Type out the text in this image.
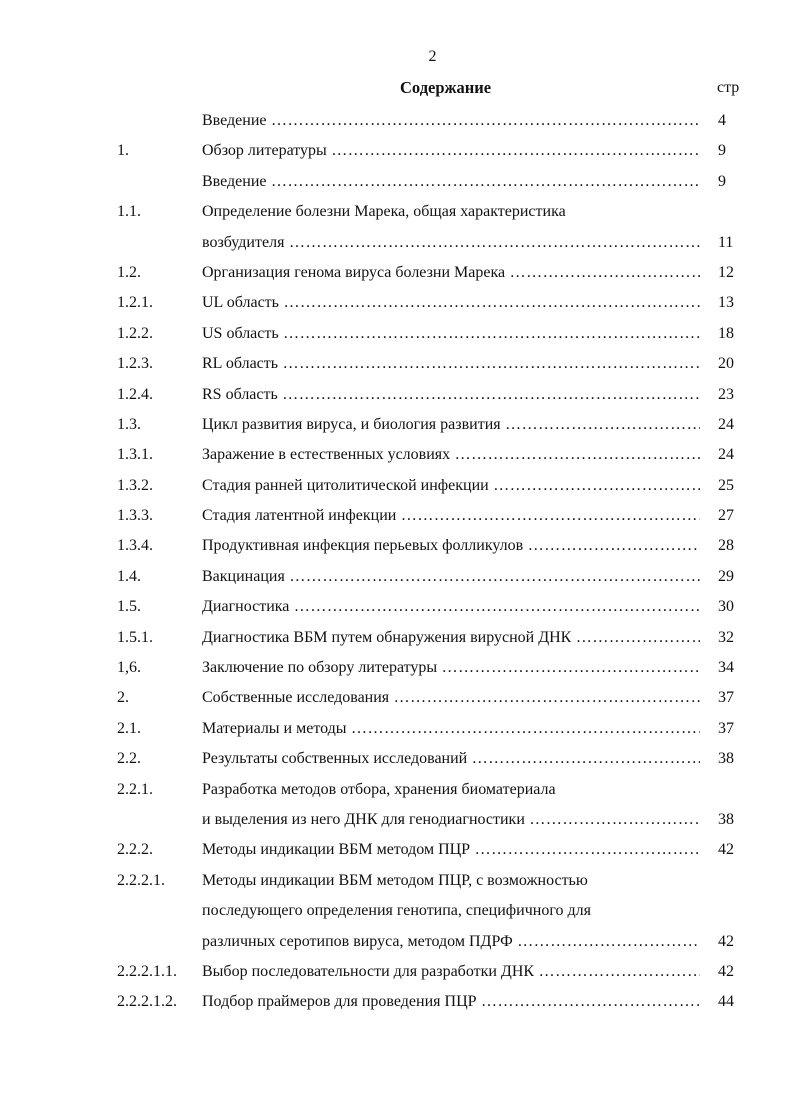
2
Содержание	стр
Введение ………………………………………………………………………………………………………………………………	4
1.	Обзор литературы ………………………………………………………………………………………………………………………………	9
Введение ………………………………………………………………………………………………………………………………	9
1.1.	Определение болезни Марека, общая характеристика
возбудителя ………………………………………………………………………………………………………………………………	11
1.2.	Организация генома вируса болезни Марека ………………………………………………………………………………………………………………………………	12
1.2.1.	UL область ………………………………………………………………………………………………………………………………	13
1.2.2.	US область ………………………………………………………………………………………………………………………………	18
1.2.3.	RL область ………………………………………………………………………………………………………………………………	20
1.2.4.	RS область ………………………………………………………………………………………………………………………………	23
1.3.	Цикл развития вируса, и биология развития ………………………………………………………………………………………………………………………………	24
1.3.1.	Заражение в естественных условиях ………………………………………………………………………………………………………………………………	24
1.3.2.	Стадия ранней цитолитической инфекции ………………………………………………………………………………………………………………………………	25
1.3.3.	Стадия латентной инфекции ………………………………………………………………………………………………………………………………	27
1.3.4.	Продуктивная инфекция перьевых фолликулов ………………………………………………………………………………………………………………………………	28
1.4.	Вакцинация ………………………………………………………………………………………………………………………………	29
1.5.	Диагностика ………………………………………………………………………………………………………………………………	30
1.5.1.	Диагностика ВБМ путем обнаружения вирусной ДНК ………………………………………………………………………………………………………………………………	32
1,6.	Заключение по обзору литературы ………………………………………………………………………………………………………………………………	34
2.	Собственные исследования ………………………………………………………………………………………………………………………………	37
2.1.	Материалы и методы ………………………………………………………………………………………………………………………………	37
2.2.	Результаты собственных исследований ………………………………………………………………………………………………………………………………	38
2.2.1.	Разработка методов отбора, хранения биоматериала
и выделения из него ДНК для генодиагностики ………………………………………………………………………………………………………………………………	38
2.2.2.	Методы индикации ВБМ методом ПЦР ………………………………………………………………………………………………………………………………	42
2.2.2.1. Методы индикации ВБМ методом ПЦР, с возможностью
последующего определения генотипа, специфичного для
различных серотипов вируса, методом ПДРФ ………………………………………………………………………………………………………………………………	42
2.2.2.1.1. Выбор последовательности для разработки ДНК ………………………………………………………………………………………………………………………………	42
2.2.2.1.2. Подбор праймеров для проведения ПЦР ………………………………………………………………………………………………………………………………	44
